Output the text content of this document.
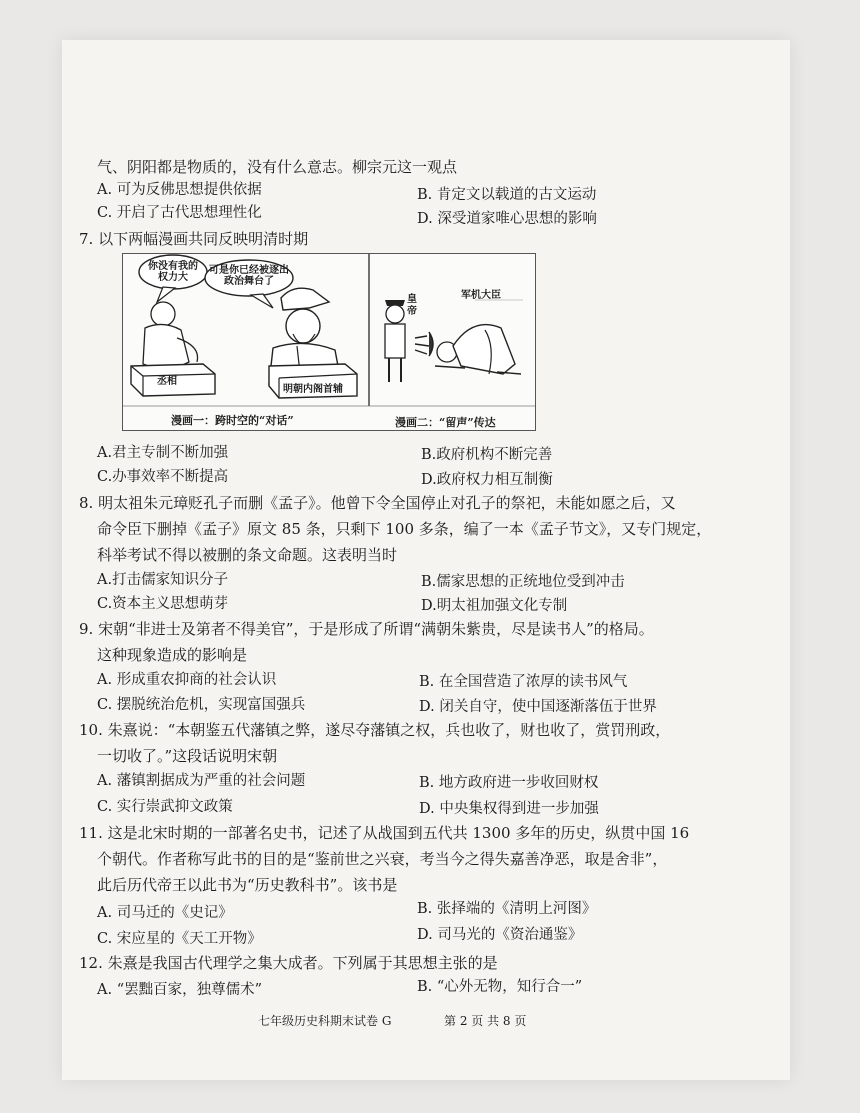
气、阴阳都是物质的，没有什么意志。柳宗元这一观点
A. 可为反佛思想提供依据	B. 肯定文以载道的古文运动
C. 开启了古代思想理性化	D. 深受道家唯心思想的影响
7. 以下两幅漫画共同反映明清时期
你没有我的权力大
可是你已经被逐出政治舞台了
丞相
明朝内阁首辅
皇帝
军机大臣
漫画一：跨时空的“对话”	漫画二：“留声”传达
A.君主专制不断加强	B.政府机构不断完善
C.办事效率不断提高	D.政府权力相互制衡
8. 明太祖朱元璋贬孔子而删《孟子》。他曾下令全国停止对孔子的祭祀，未能如愿之后，又
命令臣下删掉《孟子》原文 85 条，只剩下 100 多条，编了一本《孟子节文》，又专门规定，
科举考试不得以被删的条文命题。这表明当时
A.打击儒家知识分子	B.儒家思想的正统地位受到冲击
C.资本主义思想萌芽	D.明太祖加强文化专制
9. 宋朝“非进士及第者不得美官”，于是形成了所谓“满朝朱紫贵，尽是读书人”的格局。
这种现象造成的影响是
A. 形成重农抑商的社会认识	B. 在全国营造了浓厚的读书风气
C. 摆脱统治危机，实现富国强兵	D. 闭关自守，使中国逐渐落伍于世界
10. 朱熹说：“本朝鉴五代藩镇之弊，遂尽夺藩镇之权，兵也收了，财也收了，赏罚刑政，
一切收了。”这段话说明宋朝
A. 藩镇割据成为严重的社会问题	B. 地方政府进一步收回财权
C. 实行崇武抑文政策	D. 中央集权得到进一步加强
11. 这是北宋时期的一部著名史书，记述了从战国到五代共 1300 多年的历史，纵贯中国 16
个朝代。作者称写此书的目的是“鉴前世之兴衰，考当今之得失嘉善净恶，取是舍非”，
此后历代帝王以此书为“历史教科书”。该书是
A. 司马迁的《史记》	B. 张择端的《清明上河图》
C. 宋应星的《天工开物》	D. 司马光的《资治通鉴》
12. 朱熹是我国古代理学之集大成者。下列属于其思想主张的是
A. “罢黜百家，独尊儒术”	B. “心外无物，知行合一”
七年级历史科期末试卷 G	第 2 页 共 8 页
